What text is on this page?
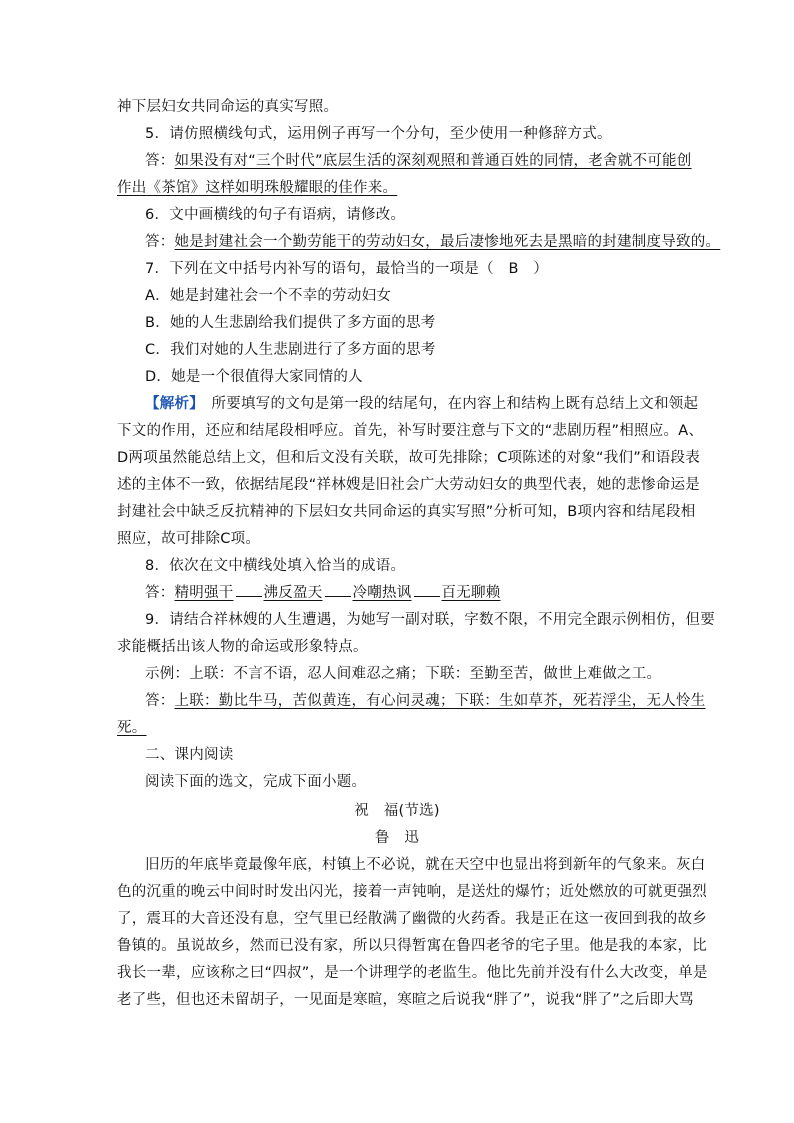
神下层妇女共同命运的真实写照。
5．请仿照横线句式，运用例子再写一个分句，至少使用一种修辞方式。
答：如果没有对“三个时代”底层生活的深刻观照和普通百姓的同情，老舍就不可能创
作出《茶馆》这样如明珠般耀眼的佳作来。
6．文中画横线的句子有语病，请修改。
答：她是封建社会一个勤劳能干的劳动妇女，最后凄惨地死去是黑暗的封建制度导致的。
7．下列在文中括号内补写的语句，最恰当的一项是（　B　）
A．她是封建社会一个不幸的劳动妇女
B．她的人生悲剧给我们提供了多方面的思考
C．我们对她的人生悲剧进行了多方面的思考
D．她是一个很值得大家同情的人
【解析】　所要填写的文句是第一段的结尾句，在内容上和结构上既有总结上文和领起
下文的作用，还应和结尾段相呼应。首先，补写时要注意与下文的“悲剧历程”相照应。A、
D两项虽然能总结上文，但和后文没有关联，故可先排除；C项陈述的对象“我们”和语段表
述的主体不一致，依据结尾段“祥林嫂是旧社会广大劳动妇女的典型代表，她的悲惨命运是
封建社会中缺乏反抗精神的下层妇女共同命运的真实写照”分析可知，B项内容和结尾段相
照应，故可排除C项。
8．依次在文中横线处填入恰当的成语。
答：精明强干 沸反盈天 冷嘲热讽 百无聊赖
9．请结合祥林嫂的人生遭遇，为她写一副对联，字数不限，不用完全跟示例相仿，但要
求能概括出该人物的命运或形象特点。
示例：上联：不言不语，忍人间难忍之痛；下联：至勤至苦，做世上难做之工。
答：上联：勤比牛马，苦似黄连，有心问灵魂；下联：生如草芥，死若浮尘，无人怜生
死。
二、课内阅读
阅读下面的选文，完成下面小题。
祝　福(节选)
鲁　迅
旧历的年底毕竟最像年底，村镇上不必说，就在天空中也显出将到新年的气象来。灰白
色的沉重的晚云中间时时发出闪光，接着一声钝响，是送灶的爆竹；近处燃放的可就更强烈
了，震耳的大音还没有息，空气里已经散满了幽微的火药香。我是正在这一夜回到我的故乡
鲁镇的。虽说故乡，然而已没有家，所以只得暂寓在鲁四老爷的宅子里。他是我的本家，比
我长一辈，应该称之曰“四叔”，是一个讲理学的老监生。他比先前并没有什么大改变，单是
老了些，但也还未留胡子，一见面是寒暄，寒暄之后说我“胖了”，说我“胖了”之后即大骂
